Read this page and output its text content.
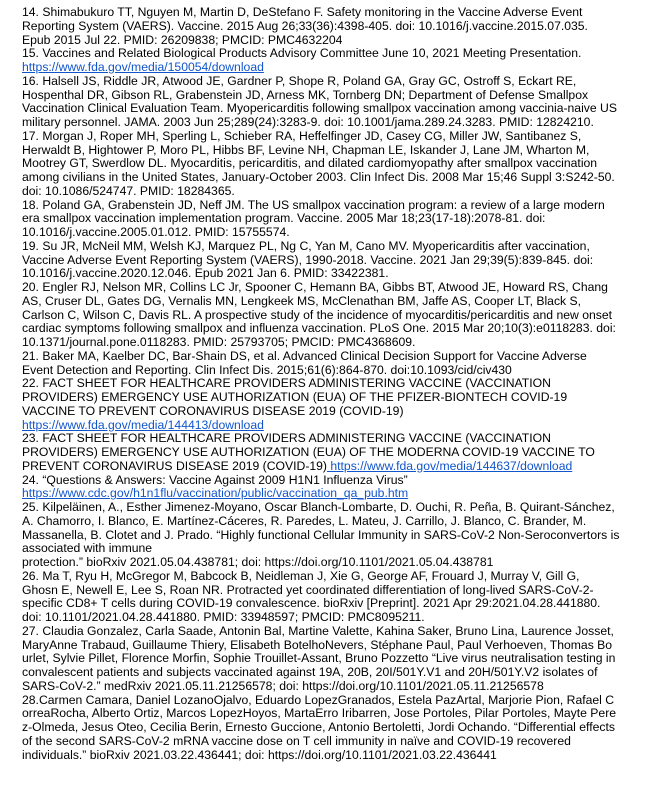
14. Shimabukuro TT, Nguyen M, Martin D, DeStefano F. Safety monitoring in the Vaccine Adverse Event
Reporting System (VAERS). Vaccine. 2015 Aug 26;33(36):4398-405. doi: 10.1016/j.vaccine.2015.07.035.
Epub 2015 Jul 22. PMID: 26209838; PMCID: PMC4632204
15. Vaccines and Related Biological Products Advisory Committee June 10, 2021 Meeting Presentation.
https://www.fda.gov/media/150054/download
16. Halsell JS, Riddle JR, Atwood JE, Gardner P, Shope R, Poland GA, Gray GC, Ostroff S, Eckart RE,
Hospenthal DR, Gibson RL, Grabenstein JD, Arness MK, Tornberg DN; Department of Defense Smallpox
Vaccination Clinical Evaluation Team. Myopericarditis following smallpox vaccination among vaccinia-naive US
military personnel. JAMA. 2003 Jun 25;289(24):3283-9. doi: 10.1001/jama.289.24.3283. PMID: 12824210.
17. Morgan J, Roper MH, Sperling L, Schieber RA, Heffelfinger JD, Casey CG, Miller JW, Santibanez S,
Herwaldt B, Hightower P, Moro PL, Hibbs BF, Levine NH, Chapman LE, Iskander J, Lane JM, Wharton M,
Mootrey GT, Swerdlow DL. Myocarditis, pericarditis, and dilated cardiomyopathy after smallpox vaccination
among civilians in the United States, January-October 2003. Clin Infect Dis. 2008 Mar 15;46 Suppl 3:S242-50.
doi: 10.1086/524747. PMID: 18284365.
18. Poland GA, Grabenstein JD, Neff JM. The US smallpox vaccination program: a review of a large modern
era smallpox vaccination implementation program. Vaccine. 2005 Mar 18;23(17-18):2078-81. doi:
10.1016/j.vaccine.2005.01.012. PMID: 15755574.
19. Su JR, McNeil MM, Welsh KJ, Marquez PL, Ng C, Yan M, Cano MV. Myopericarditis after vaccination,
Vaccine Adverse Event Reporting System (VAERS), 1990-2018. Vaccine. 2021 Jan 29;39(5):839-845. doi:
10.1016/j.vaccine.2020.12.046. Epub 2021 Jan 6. PMID: 33422381.
20. Engler RJ, Nelson MR, Collins LC Jr, Spooner C, Hemann BA, Gibbs BT, Atwood JE, Howard RS, Chang
AS, Cruser DL, Gates DG, Vernalis MN, Lengkeek MS, McClenathan BM, Jaffe AS, Cooper LT, Black S,
Carlson C, Wilson C, Davis RL. A prospective study of the incidence of myocarditis/pericarditis and new onset
cardiac symptoms following smallpox and influenza vaccination. PLoS One. 2015 Mar 20;10(3):e0118283. doi:
10.1371/journal.pone.0118283. PMID: 25793705; PMCID: PMC4368609.
21. Baker MA, Kaelber DC, Bar-Shain DS, et al. Advanced Clinical Decision Support for Vaccine Adverse
Event Detection and Reporting. Clin Infect Dis. 2015;61(6):864-870. doi:10.1093/cid/civ430
22. FACT SHEET FOR HEALTHCARE PROVIDERS ADMINISTERING VACCINE (VACCINATION
PROVIDERS) EMERGENCY USE AUTHORIZATION (EUA) OF THE PFIZER-BIONTECH COVID-19
VACCINE TO PREVENT CORONAVIRUS DISEASE 2019 (COVID-19)
https://www.fda.gov/media/144413/download
23. FACT SHEET FOR HEALTHCARE PROVIDERS ADMINISTERING VACCINE (VACCINATION
PROVIDERS) EMERGENCY USE AUTHORIZATION (EUA) OF THE MODERNA COVID-19 VACCINE TO
PREVENT CORONAVIRUS DISEASE 2019 (COVID-19) https://www.fda.gov/media/144637/download
24. “Questions & Answers: Vaccine Against 2009 H1N1 Influenza Virus”
https://www.cdc.gov/h1n1flu/vaccination/public/vaccination_qa_pub.htm
25. Kilpeläinen, A., Esther Jimenez-Moyano, Oscar Blanch-Lombarte, D. Ouchi, R. Peña, B. Quirant-Sánchez,
A. Chamorro, I. Blanco, E. Martínez-Cáceres, R. Paredes, L. Mateu, J. Carrillo, J. Blanco, C. Brander, M.
Massanella, B. Clotet and J. Prado. “Highly functional Cellular Immunity in SARS-CoV-2 Non-Seroconvertors is
associated with immune
protection.” bioRxiv 2021.05.04.438781; doi: https://doi.org/10.1101/2021.05.04.438781
26. Ma T, Ryu H, McGregor M, Babcock B, Neidleman J, Xie G, George AF, Frouard J, Murray V, Gill G,
Ghosn E, Newell E, Lee S, Roan NR. Protracted yet coordinated differentiation of long-lived SARS-CoV-2-
specific CD8+ T cells during COVID-19 convalescence. bioRxiv [Preprint]. 2021 Apr 29:2021.04.28.441880.
doi: 10.1101/2021.04.28.441880. PMID: 33948597; PMCID: PMC8095211.
27. Claudia Gonzalez, Carla Saade, Antonin Bal, Martine Valette, Kahina Saker, Bruno Lina, Laurence Josset,
MaryAnne Trabaud, Guillaume Thiery, Elisabeth BotelhoNevers, Stéphane Paul, Paul Verhoeven, Thomas Bo
urlet, Sylvie Pillet, Florence Morfin, Sophie Trouillet-Assant, Bruno Pozzetto “Live virus neutralisation testing in
convalescent patients and subjects vaccinated against 19A, 20B, 20I/501Y.V1 and 20H/501Y.V2 isolates of
SARS-CoV-2.” medRxiv 2021.05.11.21256578; doi: https://doi.org/10.1101/2021.05.11.21256578
28.Carmen Camara, Daniel LozanoOjalvo, Eduardo LopezGranados, Estela PazArtal, Marjorie Pion, Rafael C
orreaRocha, Alberto Ortiz, Marcos LopezHoyos, MartaErro Iribarren, Jose Portoles, Pilar Portoles, Mayte Pere
z-Olmeda, Jesus Oteo, Cecilia Berin, Ernesto Guccione, Antonio Bertoletti, Jordi Ochando. “Differential effects
of the second SARS-CoV-2 mRNA vaccine dose on T cell immunity in naïve and COVID-19 recovered
individuals.” bioRxiv 2021.03.22.436441; doi: https://doi.org/10.1101/2021.03.22.436441
